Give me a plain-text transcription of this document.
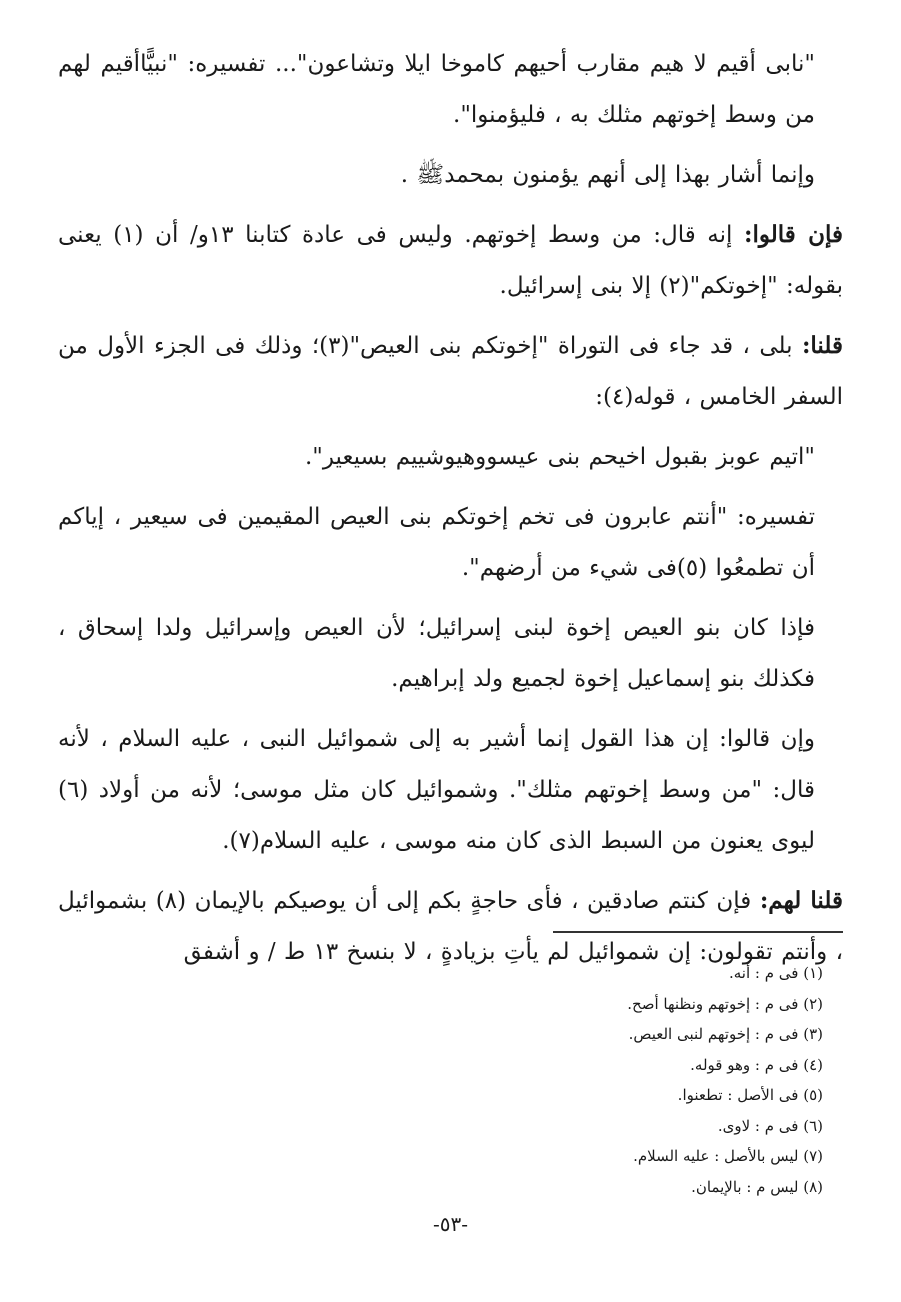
"نابى أقيم لا هيم مقارب أحيهم كاموخا ايلا وتشاعون"... تفسيره: "نبيًّاأقيم لهم من وسط إخوتهم مثلك به ، فليؤمنوا".

وإنما أشار بهذا إلى أنهم يؤمنون بمحمدﷺ .

فإن قالوا: إنه قال: من وسط إخوتهم. وليس فى عادة كتابنا ١٣و/ أن (١) يعنى بقوله: "إخوتكم"(٢) إلا بنى إسرائيل.

قلنا: بلى ، قد جاء فى التوراة "إخوتكم بنى العيص"(٣)؛ وذلك فى الجزء الأول من السفر الخامس ، قوله(٤):

"اتيم عوبز بقبول اخيحم بنى عيسووهيوشييم بسيعير".

تفسيره: "أنتم عابرون فى تخم إخوتكم بنى العيص المقيمين فى سيعير ، إياكم أن تطمعُوا (٥)فى شيء من أرضهم".

فإذا كان بنو العيص إخوة لبنى إسرائيل؛ لأن العيص وإسرائيل ولدا إسحاق ، فكذلك بنو إسماعيل إخوة لجميع ولد إبراهيم.

وإن قالوا: إن هذا القول إنما أشير به إلى شموائيل النبى ، عليه السلام ، لأنه قال: "من وسط إخوتهم مثلك". وشموائيل كان مثل موسى؛ لأنه من أولاد (٦) ليوى يعنون من السبط الذى كان منه موسى ، عليه السلام(٧).

قلنا لهم: فإن كنتم صادقين ، فأى حاجةٍ بكم إلى أن يوصيكم بالإيمان (٨) بشموائيل ، وأنتم تقولون: إن شموائيل لم يأتِ بزيادةٍ ، لا بنسخ ١٣ ط / و أشفق

(١) فى م : أنه.

(٢) فى م : إخوتهم ونظنها أصح.

(٣) فى م : إخوتهم لنبى العيص.

(٤) فى م : وهو قوله.

(٥) فى الأصل : تطعنوا.

(٦) فى م : لاوى.

(٧) ليس بالأصل : عليه السلام.

(٨) ليس م : بالإيمان.

-٥٣-
